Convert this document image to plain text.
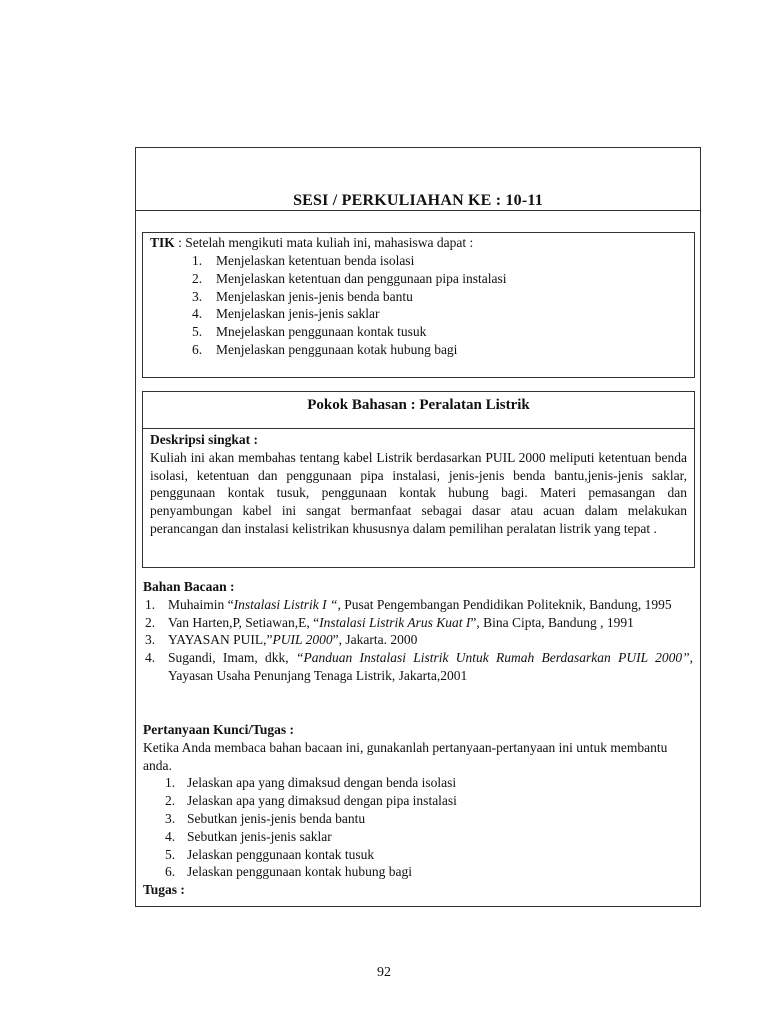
SESI / PERKULIAHAN KE : 10-11
TIK : Setelah mengikuti mata kuliah ini, mahasiswa dapat :
1. Menjelaskan ketentuan benda isolasi
2. Menjelaskan ketentuan dan penggunaan pipa instalasi
3. Menjelaskan jenis-jenis benda bantu
4. Menjelaskan jenis-jenis saklar
5. Mnejelaskan penggunaan kontak tusuk
6. Menjelaskan penggunaan kotak hubung bagi
Pokok Bahasan : Peralatan Listrik
Deskripsi singkat :
Kuliah ini akan membahas tentang kabel Listrik berdasarkan PUIL 2000 meliputi ketentuan benda isolasi, ketentuan dan penggunaan pipa instalasi, jenis-jenis benda bantu,jenis-jenis saklar, penggunaan kontak tusuk, penggunaan kontak hubung bagi. Materi pemasangan dan penyambungan kabel ini sangat bermanfaat sebagai dasar atau acuan dalam melakukan perancangan dan instalasi kelistrikan khususnya dalam pemilihan peralatan listrik yang tepat .
Bahan Bacaan :
1. Muhaimin “Instalasi Listrik I “, Pusat Pengembangan Pendidikan Politeknik, Bandung, 1995
2. Van Harten,P, Setiawan,E, “Instalasi Listrik Arus Kuat I”, Bina Cipta, Bandung , 1991
3. YAYASAN PUIL,”PUIL 2000”, Jakarta. 2000
4. Sugandi, Imam, dkk, “Panduan Instalasi Listrik Untuk Rumah Berdasarkan PUIL 2000”, Yayasan Usaha Penunjang Tenaga Listrik, Jakarta,2001
Pertanyaan Kunci/Tugas :
Ketika Anda membaca bahan bacaan ini, gunakanlah pertanyaan-pertanyaan ini untuk membantu anda.
1. Jelaskan apa yang dimaksud dengan benda isolasi
2. Jelaskan apa yang dimaksud dengan pipa instalasi
3. Sebutkan jenis-jenis benda bantu
4. Sebutkan jenis-jenis saklar
5. Jelaskan penggunaan kontak tusuk
6. Jelaskan penggunaan kontak hubung bagi
Tugas :
92
